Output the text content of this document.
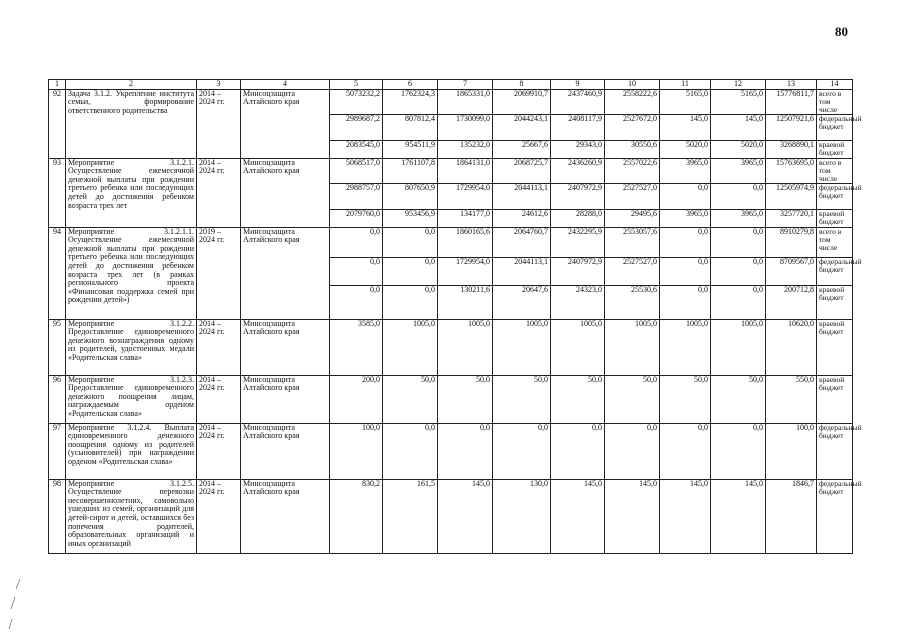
80
1	2	3	4	5	6	7	8	9	10	11	12	13	14
92	Задача 3.1.2. Укрепление института семьи, формирование ответственного родительства	2014 – 2024 гг.	Минсоцзащита Алтайского края	5073232,2	1762324,3	1865331,0	2069910,7	2437460,9	2558222,6	5165,0	5165,0	15776811,7	всего в том числе
				2989687,2	807812,4	1730099,0	2044243,1	2408117,9	2527672,0	145,0	145,0	12507921,6	федеральный бюджет
				2083545,0	954511,9	135232,0	25667,6	29343,0	30550,6	5020,0	5020,0	3268890,1	краевой бюджет
93	Мероприятие 3.1.2.1. Осуществление ежемесячной денежной выплаты при рождении третьего ребенка или последующих детей до достижения ребенком возраста трех лет	2014 – 2024 гг.	Минсоцзащита Алтайского края	5068517,0	1761107,8	1864131,0	2068725,7	2436260,9	2557022,6	3965,0	3965,0	15763695,0	всего в том числе
				2988757,0	807650,9	1729954,0	2044113,1	2407972,9	2527527,0	0,0	0,0	12505974,9	федеральный бюджет
				2079760,0	953456,9	134177,0	24612,6	28288,0	29495,6	3965,0	3965,0	3257720,1	краевой бюджет
94	Мероприятие 3.1.2.1.1. Осуществление ежемесячной денежной выплаты при рождении третьего ребенка или последующих детей до достижения ребенком возраста трех лет (в рамках регионального проекта «Финансовая поддержка семей при рождении детей»)	2019 – 2024 гг.	Минсоцзащита Алтайского края	0,0	0,0	1860165,6	2064760,7	2432295,9	2553057,6	0,0	0,0	8910279,8	всего в том числе
				0,0	0,0	1729954,0	2044113,1	2407972,9	2527527,0	0,0	0,0	8709567,0	федеральный бюджет
				0,0	0,0	130211,6	20647,6	24323,0	25530,6	0,0	0,0	200712,8	краевой бюджет
95	Мероприятие 3.1.2.2. Предоставление единовременного денежного вознаграждения одному из родителей, удостоенных медали «Родительская слава»	2014 – 2024 гг.	Минсоцзащита Алтайского края	3585,0	1005,0	1005,0	1005,0	1005,0	1005,0	1005,0	1005,0	10620,0	краевой бюджет
96	Мероприятие 3.1.2.3. Предоставление единовременного денежного поощрения лицам, награждаемым орденом «Родительская слава»	2014 – 2024 гг.	Минсоцзащита Алтайского края	200,0	50,0	50,0	50,0	50,0	50,0	50,0	50,0	550,0	краевой бюджет
97	Мероприятие 3.1.2.4. Выплата единовременного денежного поощрения одному из родителей (усыновителей) при награждении орденом «Родительская слава»	2014 – 2024 гг.	Минсоцзащита Алтайского края	100,0	0,0	0,0	0,0	0,0	0,0	0,0	0,0	100,0	федеральный бюджет
98	Мероприятие 3.1.2.5. Осуществление перевозки несовершеннолетних, самовольно ушедших из семей, организаций для детей-сирот и детей, оставшихся без попечения родителей, образовательных организаций и иных организаций	2014 – 2024 гг.	Минсоцзащита Алтайского края	830,2	161,5	145,0	130,0	145,0	145,0	145,0	145,0	1846,7	федеральный бюджет
